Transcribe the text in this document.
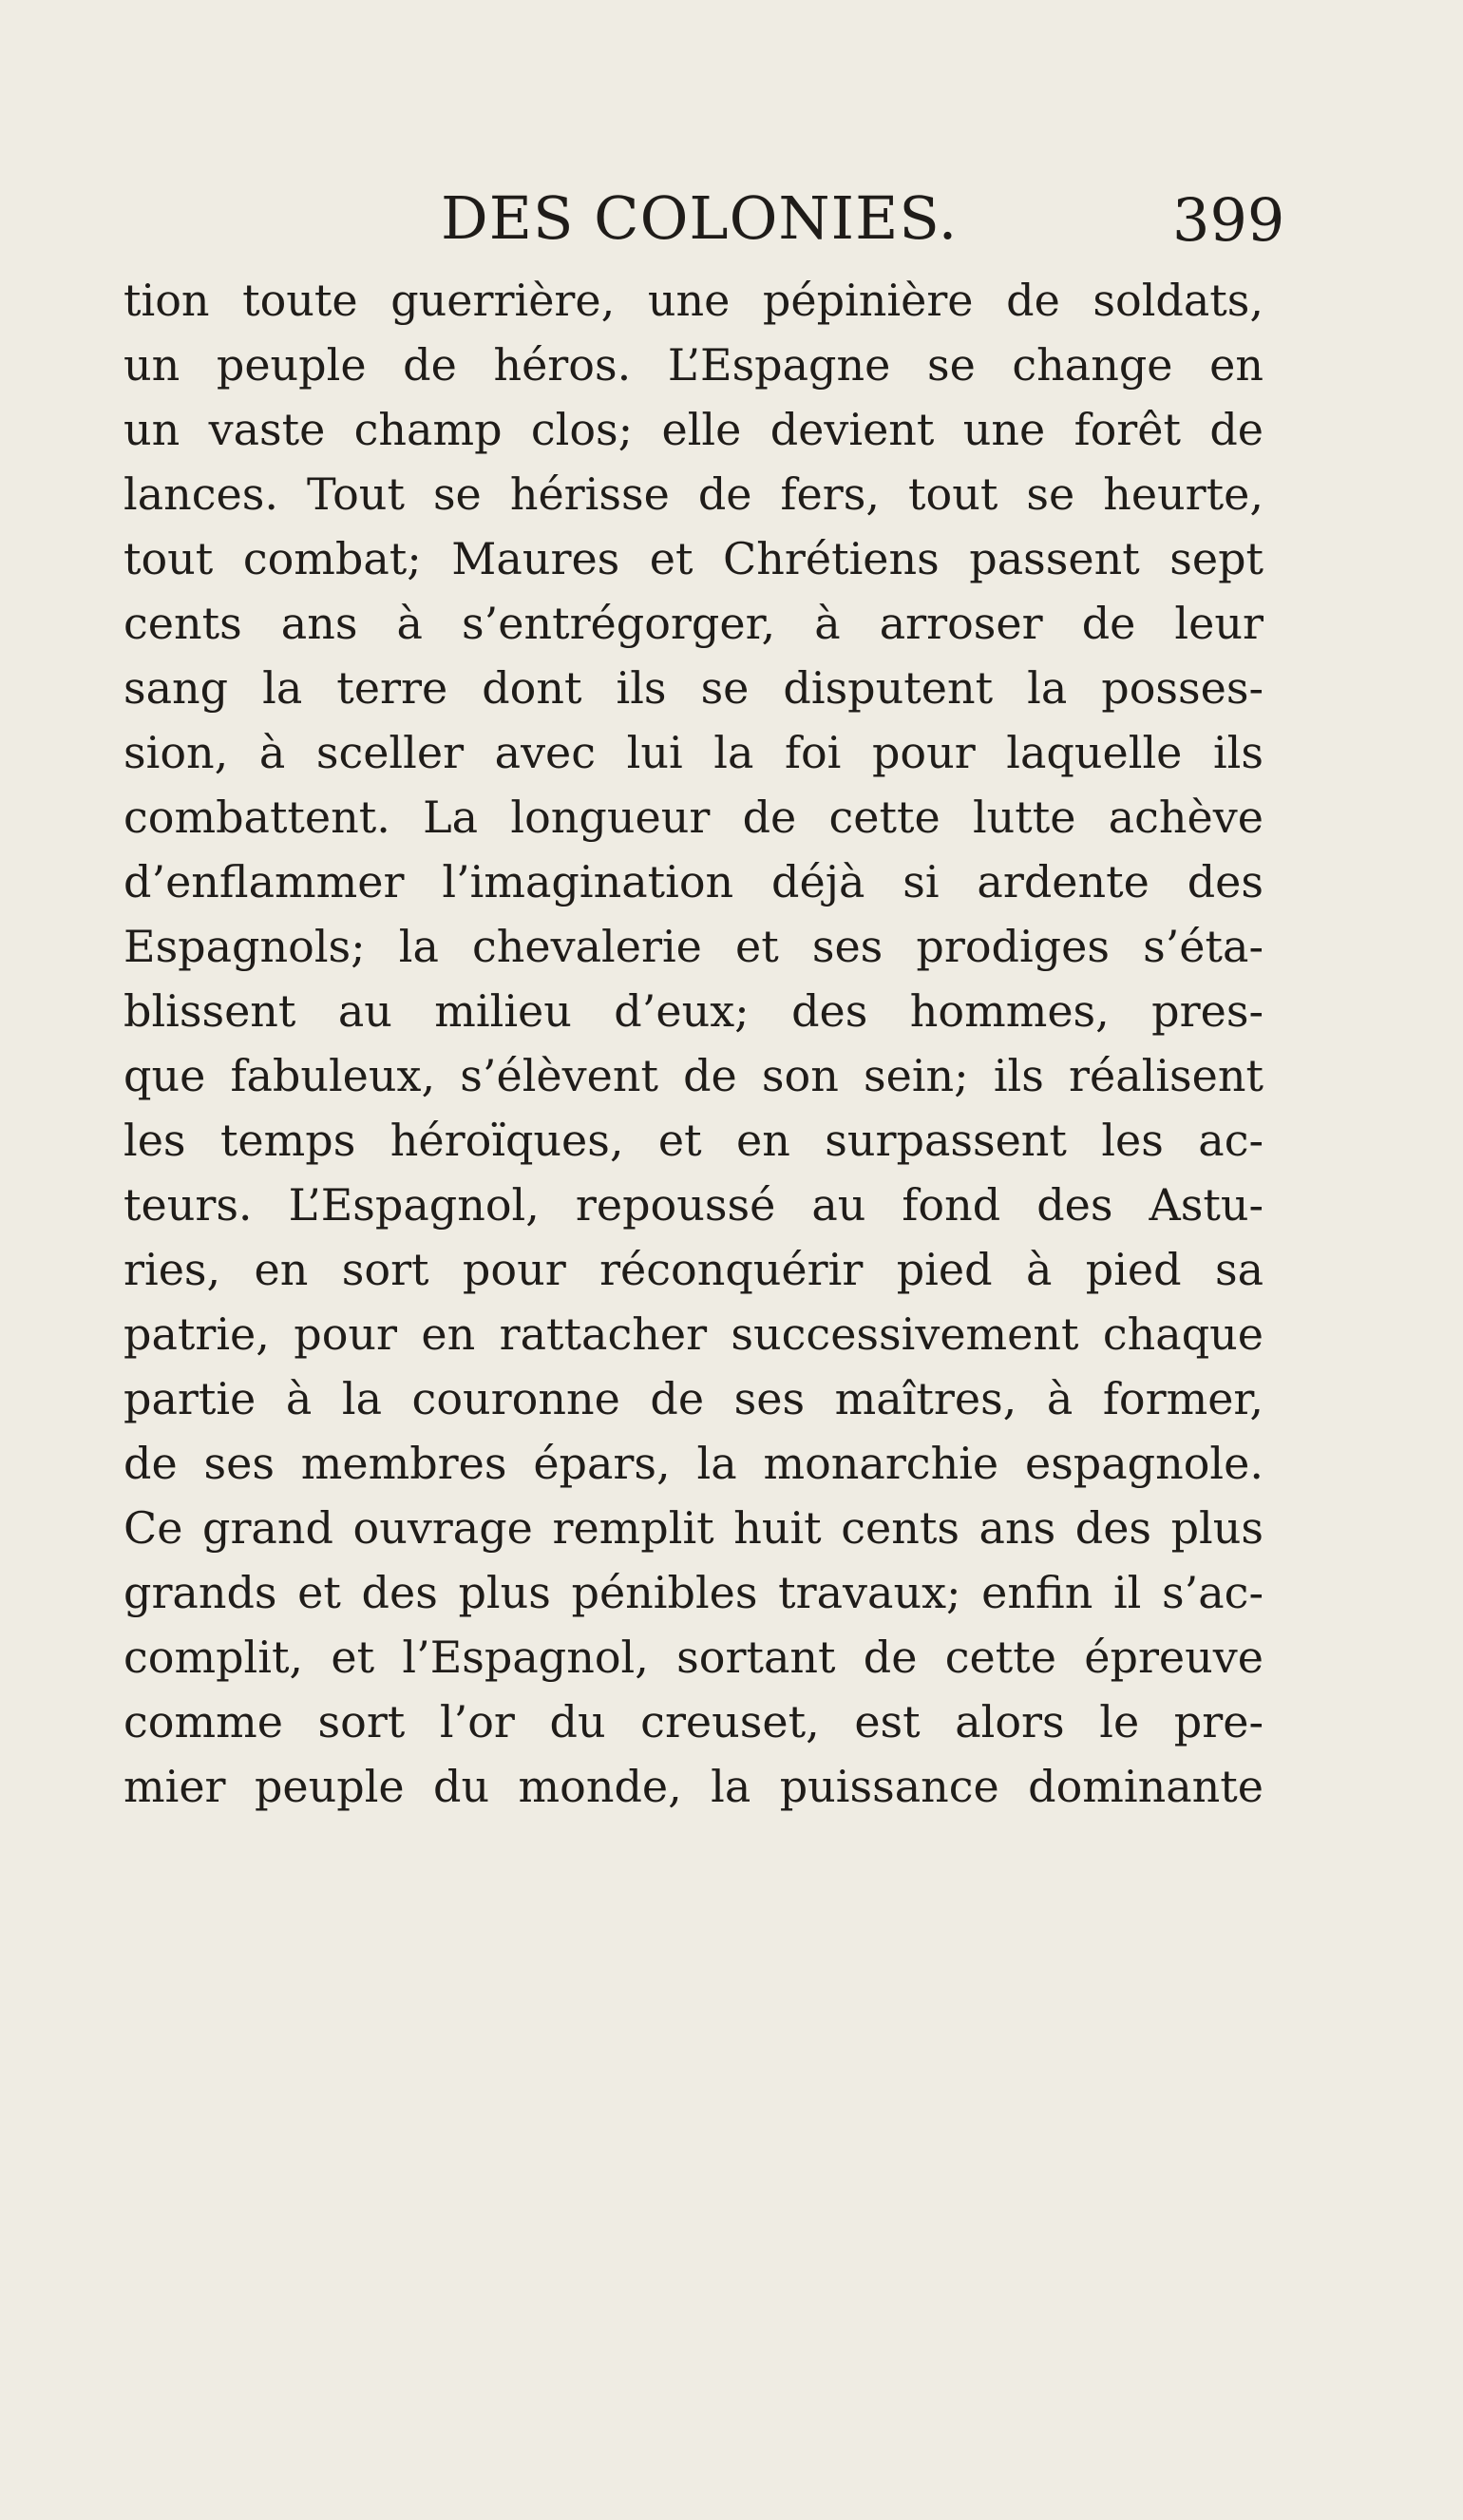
DES COLONIES.	399
tion toute guerrière, une pépinière de soldats,
un peuple de héros. L’Espagne se change en
un vaste champ clos; elle devient une forêt de
lances. Tout se hérisse de fers, tout se heurte,
tout combat; Maures et Chrétiens passent sept
cents ans à s’entrégorger, à arroser de leur
sang la terre dont ils se disputent la posses-
sion, à sceller avec lui la foi pour laquelle ils
combattent. La longueur de cette lutte achève
d’enflammer l’imagination déjà si ardente des
Espagnols; la chevalerie et ses prodiges s’éta-
blissent au milieu d’eux; des hommes, pres-
que fabuleux, s’élèvent de son sein; ils réalisent
les temps héroïques, et en surpassent les ac-
teurs. L’Espagnol, repoussé au fond des Astu-
ries, en sort pour réconquérir pied à pied sa
patrie, pour en rattacher successivement chaque
partie à la couronne de ses maîtres, à former,
de ses membres épars, la monarchie espagnole.
Ce grand ouvrage remplit huit cents ans des plus
grands et des plus pénibles travaux; enfin il s’ac-
complit, et l’Espagnol, sortant de cette épreuve
comme sort l’or du creuset, est alors le pre-
mier peuple du monde, la puissance dominante
